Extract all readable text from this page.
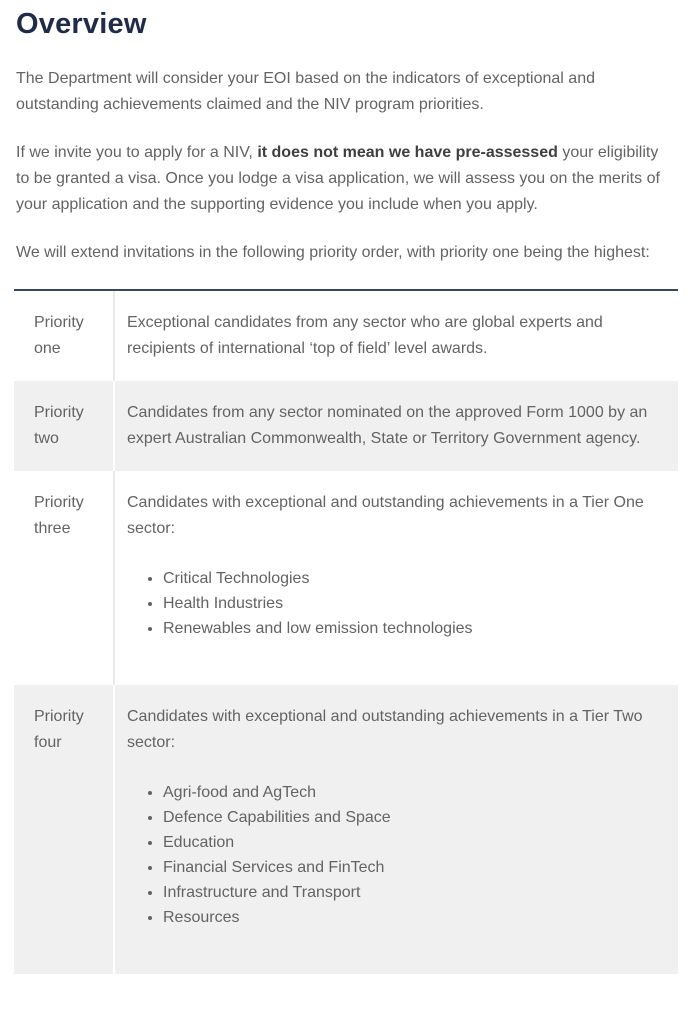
Overview

The Department will consider your EOI based on the indicators of exceptional and outstanding achievements claimed and the NIV program priorities.

If we invite you to apply for a NIV, it does not mean we have pre-assessed your eligibility to be granted a visa. Once you lodge a visa application, we will assess you on the merits of your application and the supporting evidence you include when you apply.

We will extend invitations in the following priority order, with priority one being the highest:

Priority one

Exceptional candidates from any sector who are global experts and recipients of international ‘top of field’ level awards.

Priority two

Candidates from any sector nominated on the approved Form 1000 by an expert Australian Commonwealth, State or Territory Government agency.

Priority three

Candidates with exceptional and outstanding achievements in a Tier One sector:

• Critical Technologies
• Health Industries
• Renewables and low emission technologies
Priority four

Candidates with exceptional and outstanding achievements in a Tier Two sector:

• Agri-food and AgTech
• Defence Capabilities and Space
• Education
• Financial Services and FinTech
• Infrastructure and Transport
• Resources
